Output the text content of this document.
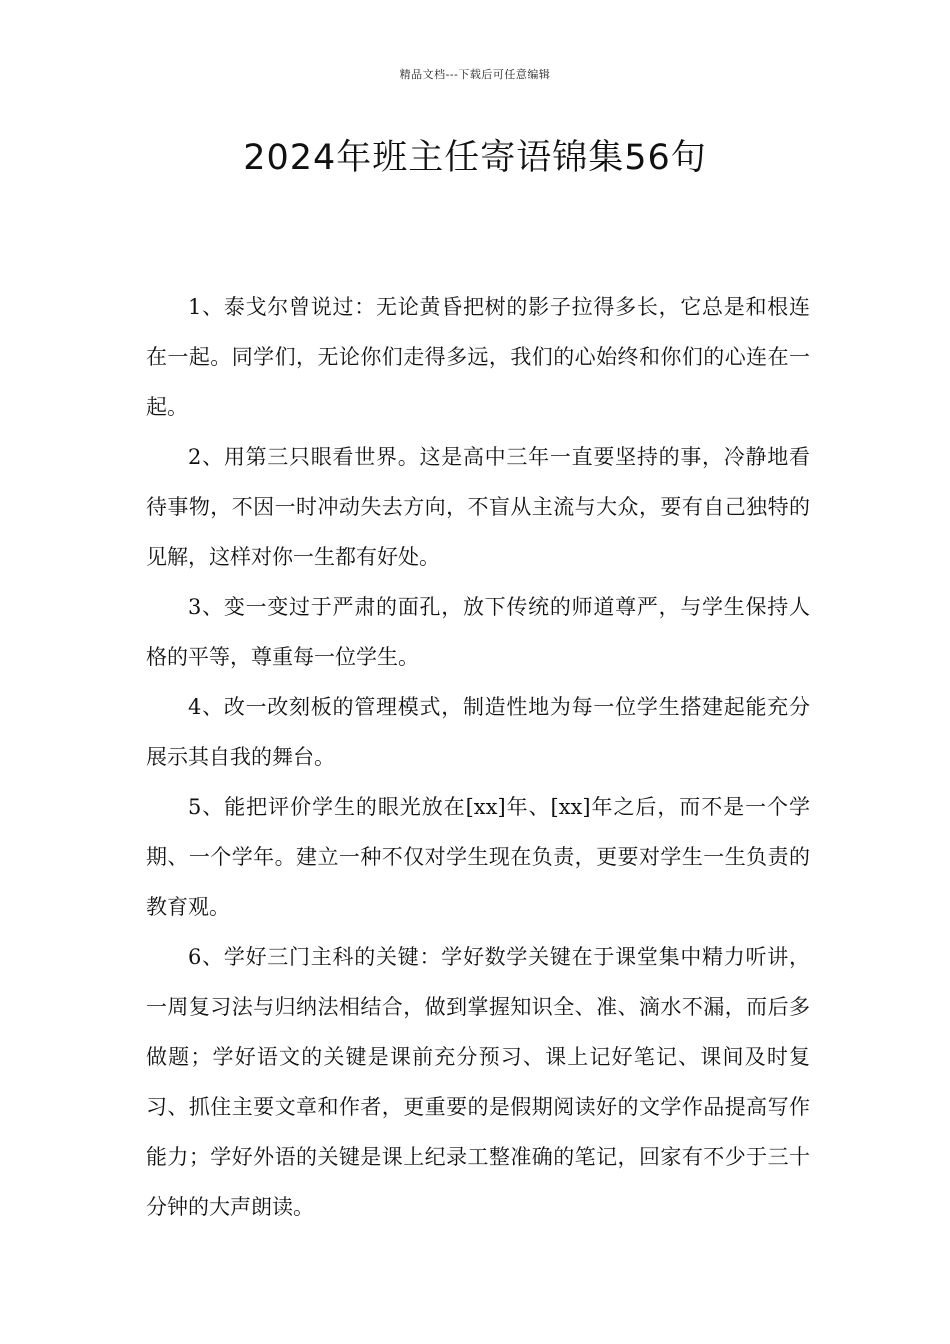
精品文档---下载后可任意编辑
2024年班主任寄语锦集56句

1、泰戈尔曾说过：无论黄昏把树的影子拉得多长，它总是和根连在一起。同学们，无论你们走得多远，我们的心始终和你们的心连在一起。

2、用第三只眼看世界。这是高中三年一直要坚持的事，冷静地看待事物，不因一时冲动失去方向，不盲从主流与大众，要有自己独特的见解，这样对你一生都有好处。

3、变一变过于严肃的面孔，放下传统的师道尊严，与学生保持人格的平等，尊重每一位学生。

4、改一改刻板的管理模式，制造性地为每一位学生搭建起能充分展示其自我的舞台。

5、能把评价学生的眼光放在[xx]年、[xx]年之后，而不是一个学期、一个学年。建立一种不仅对学生现在负责，更要对学生一生负责的教育观。

6、学好三门主科的关键：学好数学关键在于课堂集中精力听讲，一周复习法与归纳法相结合，做到掌握知识全、准、滴水不漏，而后多做题；学好语文的关键是课前充分预习、课上记好笔记、课间及时复习、抓住主要文章和作者，更重要的是假期阅读好的文学作品提高写作能力；学好外语的关键是课上纪录工整准确的笔记，回家有不少于三十分钟的大声朗读。
